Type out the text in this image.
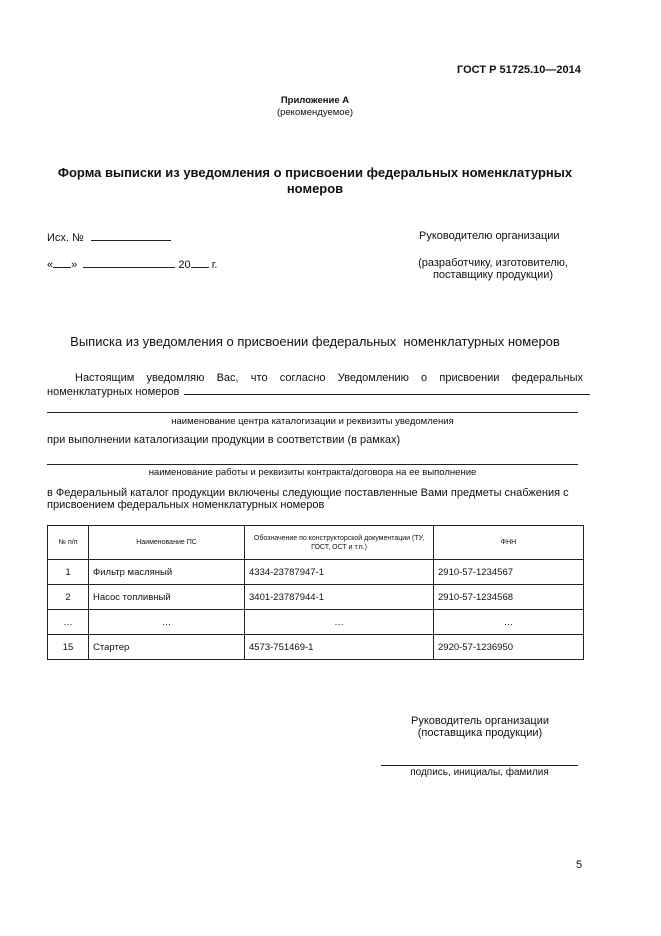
ГОСТ Р 51725.10—2014
Приложение А
(рекомендуемое)
Форма выписки из уведомления о присвоении федеральных номенклатурных номеров
Исх. №
« »	20 г.
Руководителю организации
(разработчику, изготовителю,
поставщику продукции)
Выписка из уведомления о присвоении федеральных  номенклатурных номеров
Настоящим уведомляю Вас, что согласно Уведомлению о присвоении федеральных
номенклатурных номеров
наименование центра каталогизации и реквизиты уведомления
при выполнении каталогизации продукции в соответствии (в рамках)
наименование работы и реквизиты контракта/договора на ее выполнение
в Федеральный каталог продукции включены следующие поставленные Вами предметы снабжения с
присвоением федеральных номенклатурных номеров
№ п/п	Наименование ПС	Обозначение по конструкторской документации (ТУ, ГОСТ, ОСТ и т.п.)	ФНН
1	Фильтр масляный	4334-23787947-1	2910-57-1234567
2	Насос топливный	3401-23787944-1	2910-57-1234568
…	…	…	…
15	Стартер	4573-751469-1	2920-57-1236950
Руководитель организации
(поставщика продукции)
подпись, инициалы, фамилия
5
